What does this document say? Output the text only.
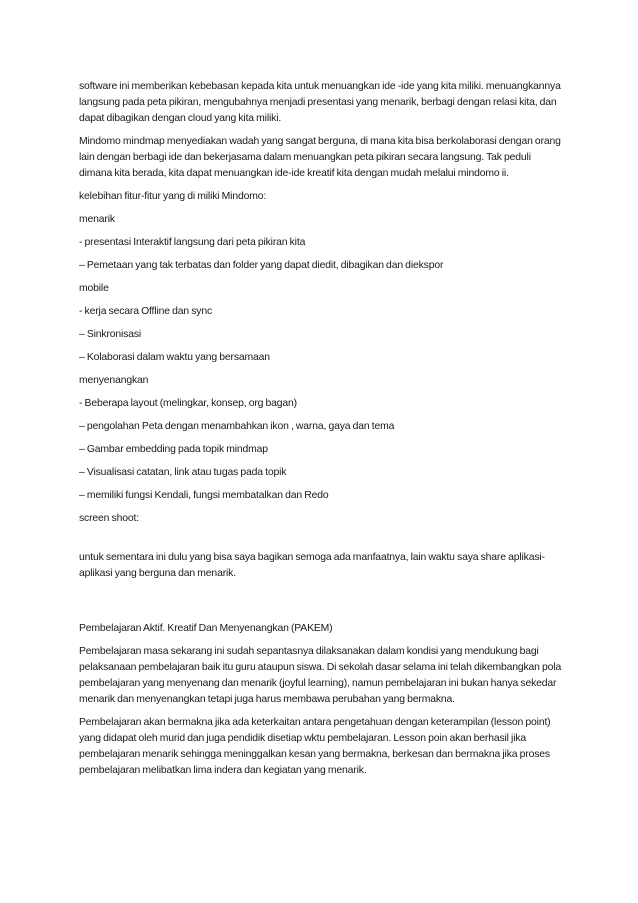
software ini memberikan kebebasan kepada kita untuk menuangkan ide -ide yang kita miliki. menuangkannya langsung pada peta pikiran, mengubahnya menjadi presentasi yang menarik, berbagi dengan relasi kita, dan dapat dibagikan dengan cloud yang kita miliki.

Mindomo mindmap menyediakan wadah yang sangat berguna, di mana kita bisa berkolaborasi dengan orang lain dengan berbagi ide dan bekerjasama dalam menuangkan peta pikiran secara langsung. Tak peduli dimana kita berada, kita dapat menuangkan ide-ide kreatif kita dengan mudah melalui mindomo ii.

kelebihan fitur-fitur yang di miliki Mindomo:

menarik

- presentasi Interaktif langsung dari peta pikiran kita

– Pemetaan yang tak terbatas dan folder yang dapat diedit, dibagikan dan diekspor

mobile

- kerja secara Offline dan sync

– Sinkronisasi

– Kolaborasi dalam waktu yang bersamaan

menyenangkan

- Beberapa layout (melingkar, konsep, org bagan)

– pengolahan Peta dengan menambahkan ikon , warna, gaya dan tema

– Gambar embedding pada topik mindmap

– Visualisasi catatan, link atau tugas pada topik

– memiliki fungsi Kendali, fungsi membatalkan dan Redo

screen shoot:

untuk sementara ini dulu yang bisa saya bagikan semoga ada manfaatnya, lain waktu saya share aplikasi-aplikasi yang berguna dan menarik.

Pembelajaran Aktif. Kreatif Dan Menyenangkan (PAKEM)

Pembelajaran masa sekarang ini sudah sepantasnya dilaksanakan dalam kondisi yang mendukung bagi pelaksanaan pembelajaran baik itu guru ataupun siswa. Di sekolah dasar selama ini telah dikembangkan pola pembelajaran yang menyenang dan menarik (joyful learning), namun pembelajaran ini bukan hanya sekedar menarik dan menyenangkan tetapi juga harus membawa perubahan yang bermakna.

Pembelajaran akan bermakna jika ada keterkaitan antara pengetahuan dengan keterampilan (lesson point) yang didapat oleh murid dan juga pendidik disetiap wktu pembelajaran. Lesson poin akan berhasil jika pembelajaran menarik sehingga meninggalkan kesan yang bermakna, berkesan dan bermakna jika proses pembelajaran melibatkan lima indera dan kegiatan yang menarik.
